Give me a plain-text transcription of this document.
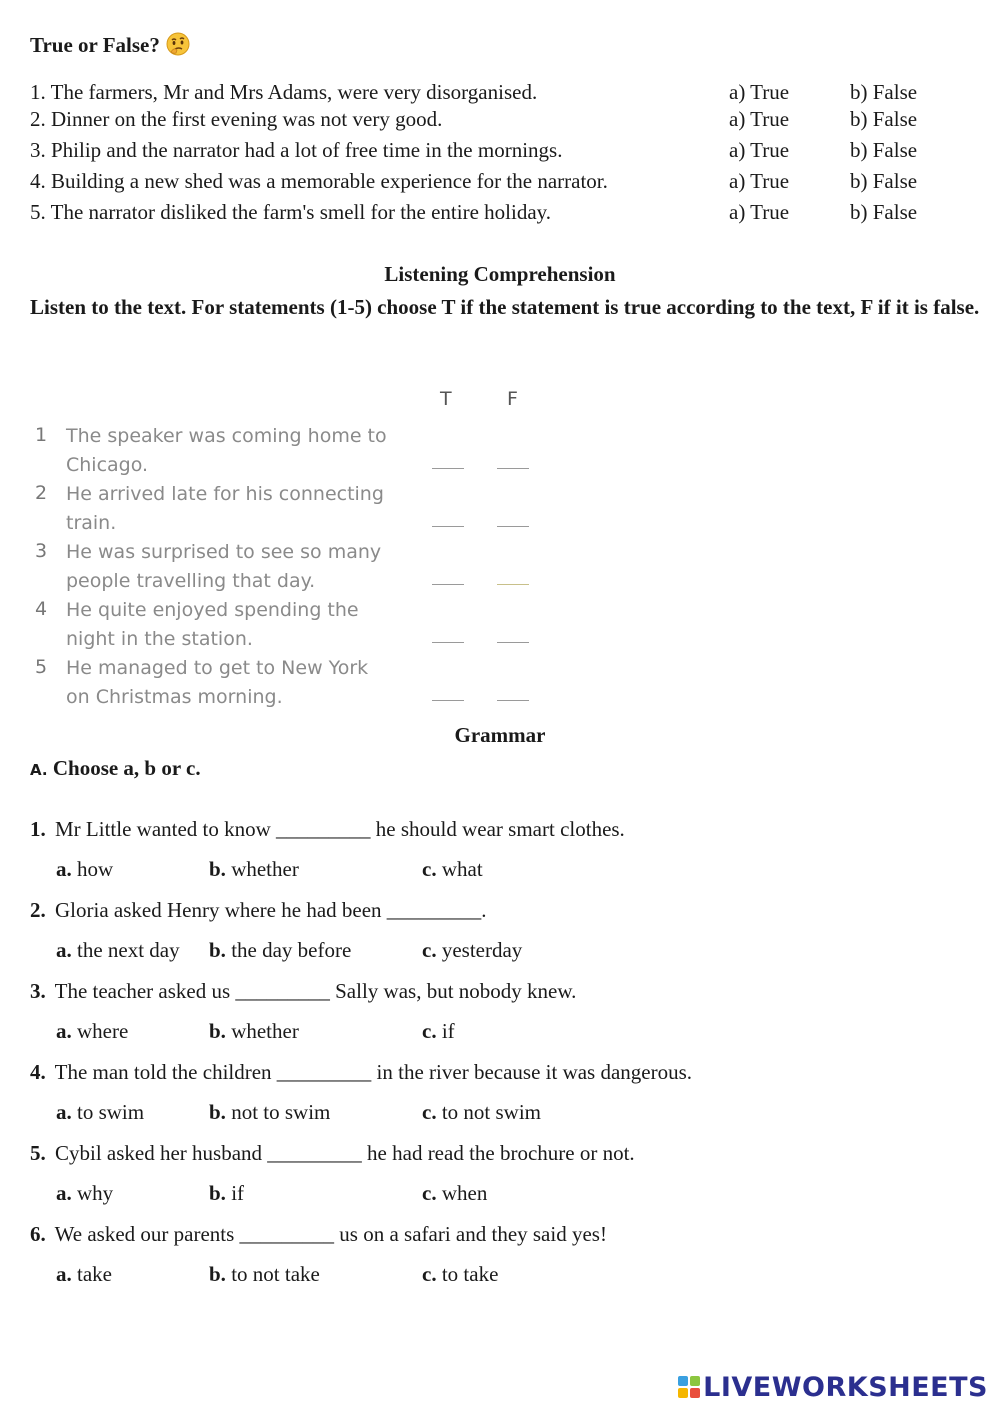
True or False?
1. The farmers, Mr and Mrs Adams, were very disorganised.	a) True	b) False
2. Dinner on the first evening was not very good.	a) True	b) False
3. Philip and the narrator had a lot of free time in the mornings.	a) True	b) False
4. Building a new shed was a memorable experience for the narrator.	a) True	b) False
5. The narrator disliked the farm's smell for the entire holiday.	a) True	b) False
Listening Comprehension
Listen to the text. For statements (1-5) choose T if the statement is true according to the text, F if it is false.
T	F
1 The speaker was coming home to Chicago.
2 He arrived late for his connecting train.
3 He was surprised to see so many people travelling that day.
4 He quite enjoyed spending the night in the station.
5 He managed to get to New York on Christmas morning.
Grammar
A. Choose a, b or c.
1. Mr Little wanted to know _________ he should wear smart clothes.
a. how	b. whether	c. what
2. Gloria asked Henry where he had been _________.
a. the next day b. the day before	c. yesterday
3. The teacher asked us _________ Sally was, but nobody knew.
a. where	b. whether	c. if
4. The man told the children _________ in the river because it was dangerous.
a. to swim	b. not to swim	c. to not swim
5. Cybil asked her husband _________ he had read the brochure or not.
a. why	b. if	c. when
6. We asked our parents _________ us on a safari and they said yes!
a. take	b. to not take	c. to take
LIVEWORKSHEETS
